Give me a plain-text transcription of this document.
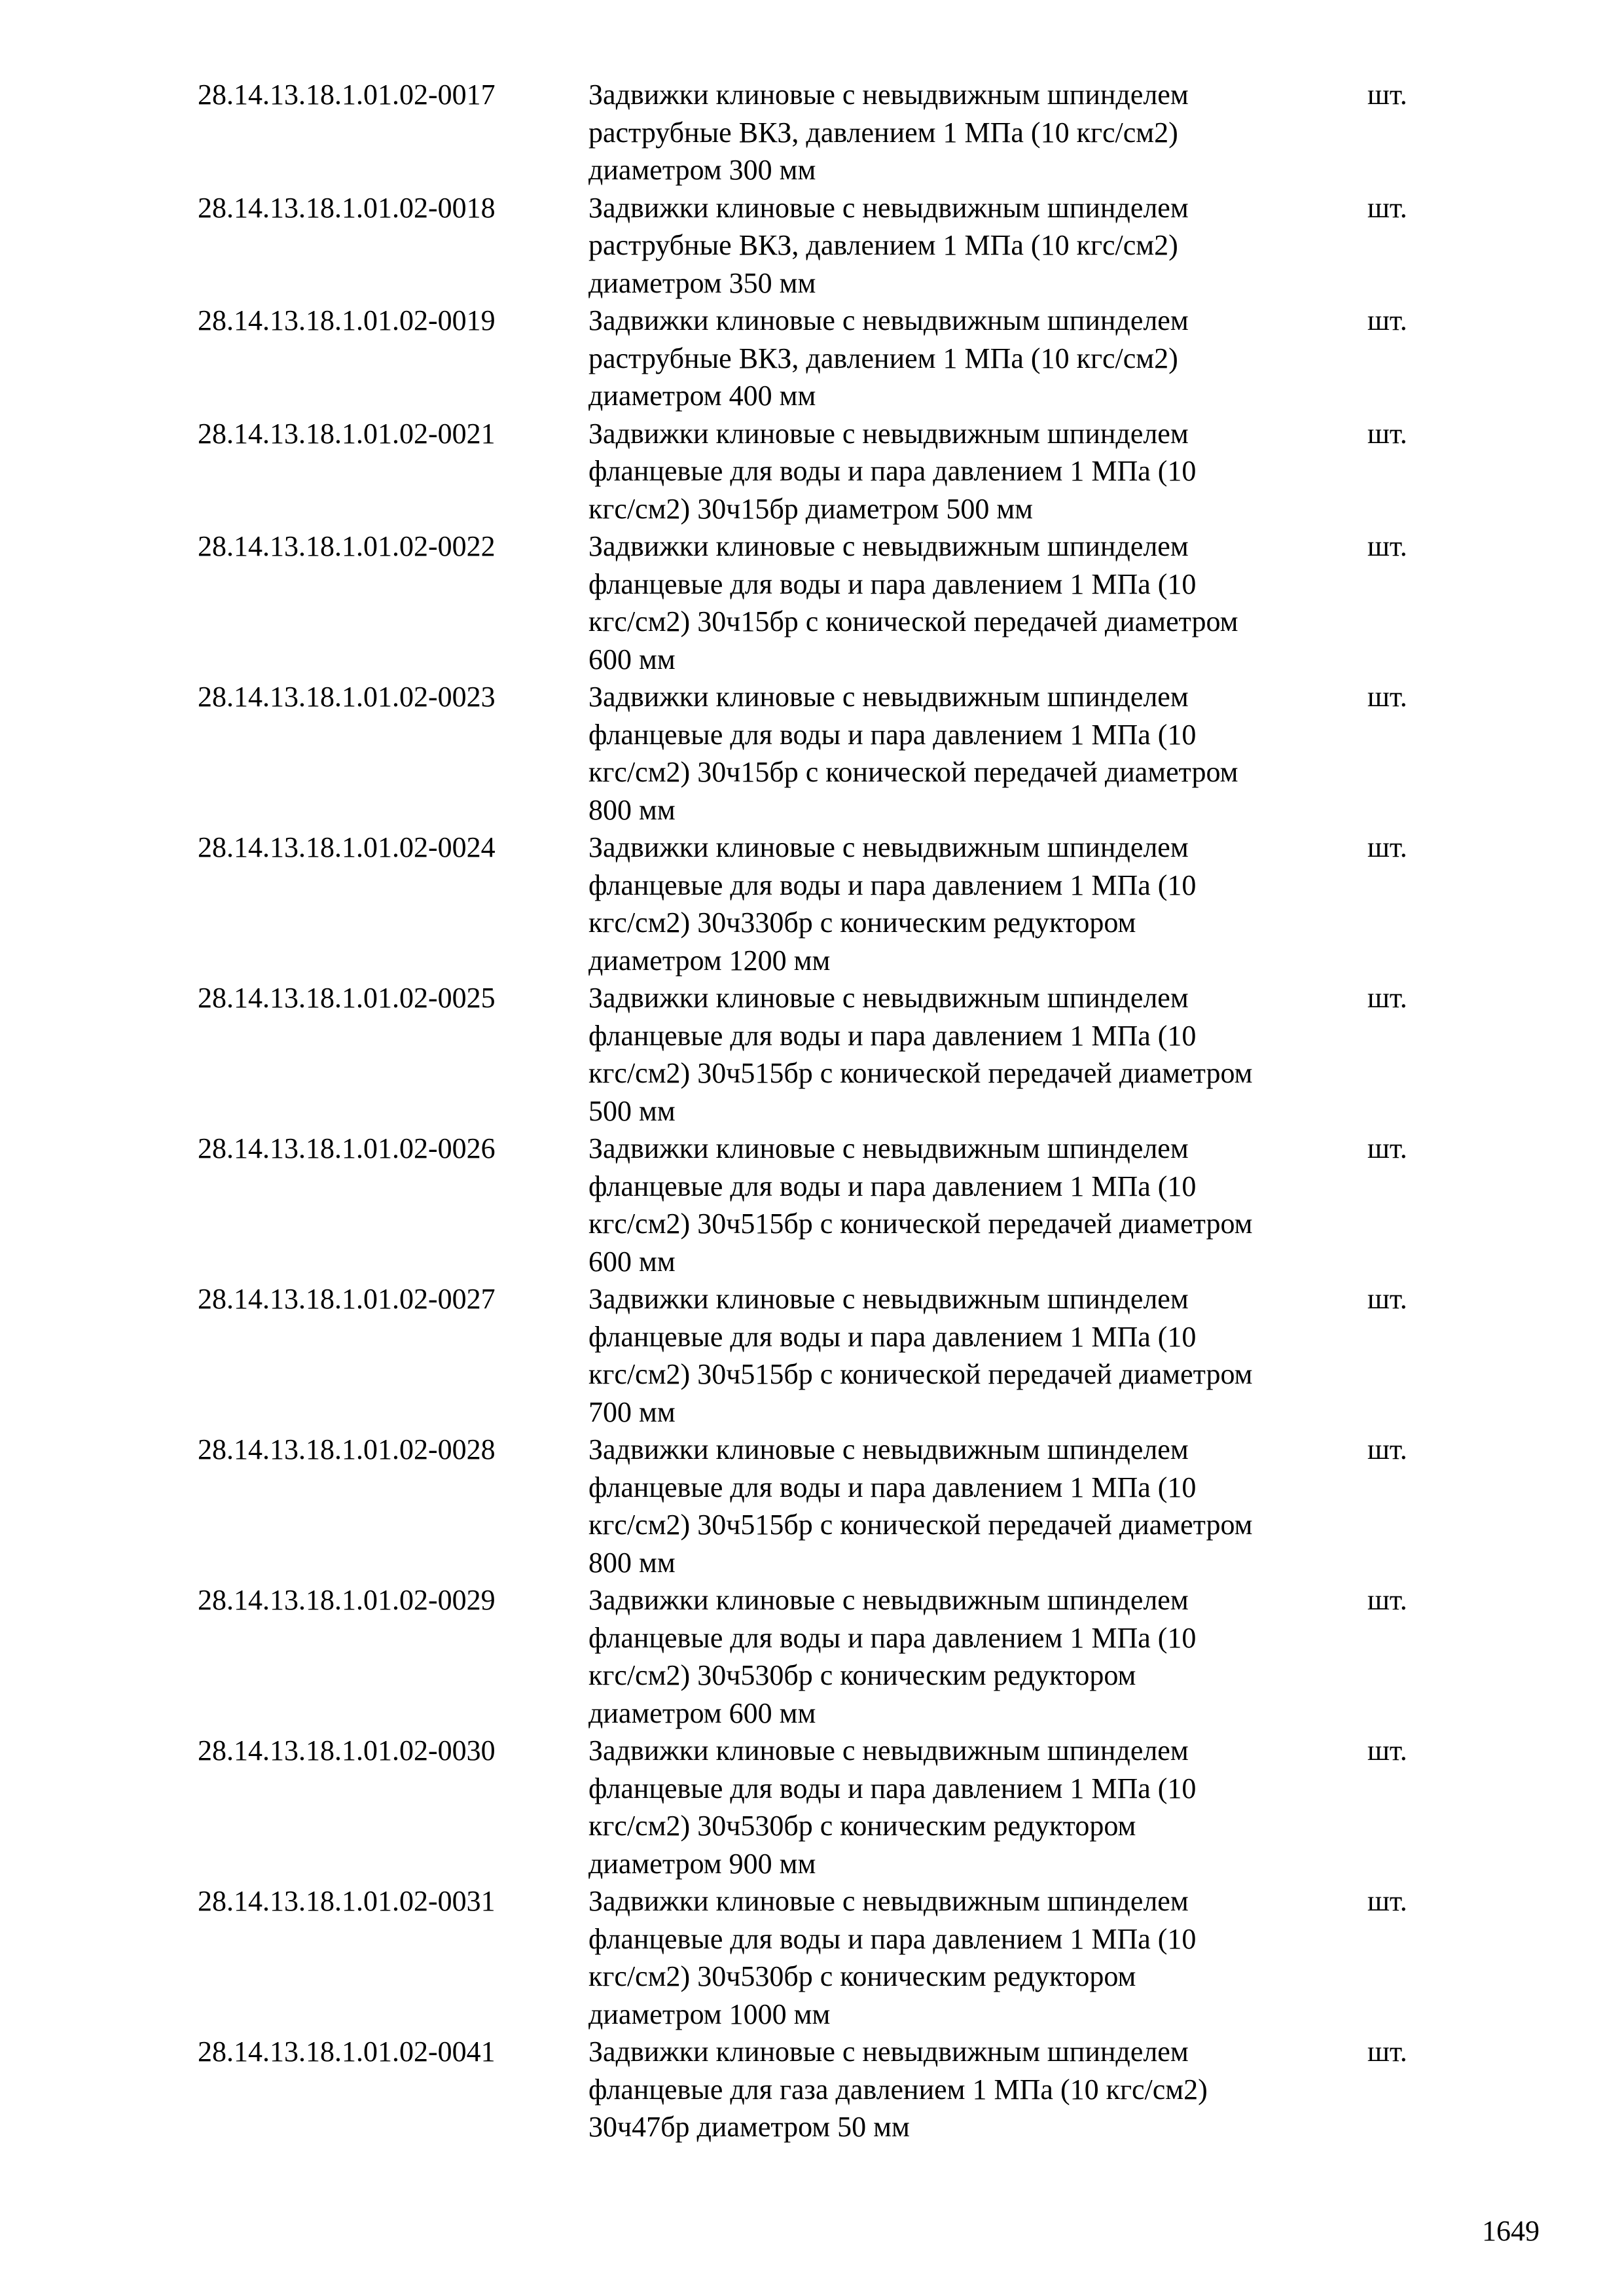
28.14.13.18.1.01.02-0017	Задвижки клиновые с невыдвижным шпинделем
раструбные ВКЗ, давлением 1 МПа (10 кгс/см2)
диаметром 300 мм
шт.
28.14.13.18.1.01.02-0018	Задвижки клиновые с невыдвижным шпинделем
раструбные ВКЗ, давлением 1 МПа (10 кгс/см2)
диаметром 350 мм
шт.
28.14.13.18.1.01.02-0019	Задвижки клиновые с невыдвижным шпинделем
раструбные ВКЗ, давлением 1 МПа (10 кгс/см2)
диаметром 400 мм
шт.
28.14.13.18.1.01.02-0021	Задвижки клиновые с невыдвижным шпинделем
фланцевые для воды и пара давлением 1 МПа (10
кгс/см2) 30ч15бр диаметром 500 мм
шт.
28.14.13.18.1.01.02-0022	Задвижки клиновые с невыдвижным шпинделем
фланцевые для воды и пара давлением 1 МПа (10
кгс/см2) 30ч15бр с конической передачей диаметром
600 мм
шт.
28.14.13.18.1.01.02-0023	Задвижки клиновые с невыдвижным шпинделем
фланцевые для воды и пара давлением 1 МПа (10
кгс/см2) 30ч15бр с конической передачей диаметром
800 мм
шт.
28.14.13.18.1.01.02-0024	Задвижки клиновые с невыдвижным шпинделем
фланцевые для воды и пара давлением 1 МПа (10
кгс/см2) 30ч330бр с коническим редуктором
диаметром 1200 мм
шт.
28.14.13.18.1.01.02-0025	Задвижки клиновые с невыдвижным шпинделем
фланцевые для воды и пара давлением 1 МПа (10
кгс/см2) 30ч515бр с конической передачей диаметром
500 мм
шт.
28.14.13.18.1.01.02-0026	Задвижки клиновые с невыдвижным шпинделем
фланцевые для воды и пара давлением 1 МПа (10
кгс/см2) 30ч515бр с конической передачей диаметром
600 мм
шт.
28.14.13.18.1.01.02-0027	Задвижки клиновые с невыдвижным шпинделем
фланцевые для воды и пара давлением 1 МПа (10
кгс/см2) 30ч515бр с конической передачей диаметром
700 мм
шт.
28.14.13.18.1.01.02-0028	Задвижки клиновые с невыдвижным шпинделем
фланцевые для воды и пара давлением 1 МПа (10
кгс/см2) 30ч515бр с конической передачей диаметром
800 мм
шт.
28.14.13.18.1.01.02-0029	Задвижки клиновые с невыдвижным шпинделем
фланцевые для воды и пара давлением 1 МПа (10
кгс/см2) 30ч530бр с коническим редуктором
диаметром 600 мм
шт.
28.14.13.18.1.01.02-0030	Задвижки клиновые с невыдвижным шпинделем
фланцевые для воды и пара давлением 1 МПа (10
кгс/см2) 30ч530бр с коническим редуктором
диаметром 900 мм
шт.
28.14.13.18.1.01.02-0031	Задвижки клиновые с невыдвижным шпинделем
фланцевые для воды и пара давлением 1 МПа (10
кгс/см2) 30ч530бр с коническим редуктором
диаметром 1000 мм
шт.
28.14.13.18.1.01.02-0041	Задвижки клиновые с невыдвижным шпинделем
фланцевые для газа давлением 1 МПа (10 кгс/см2)
30ч47бр диаметром 50 мм
шт.
1649
